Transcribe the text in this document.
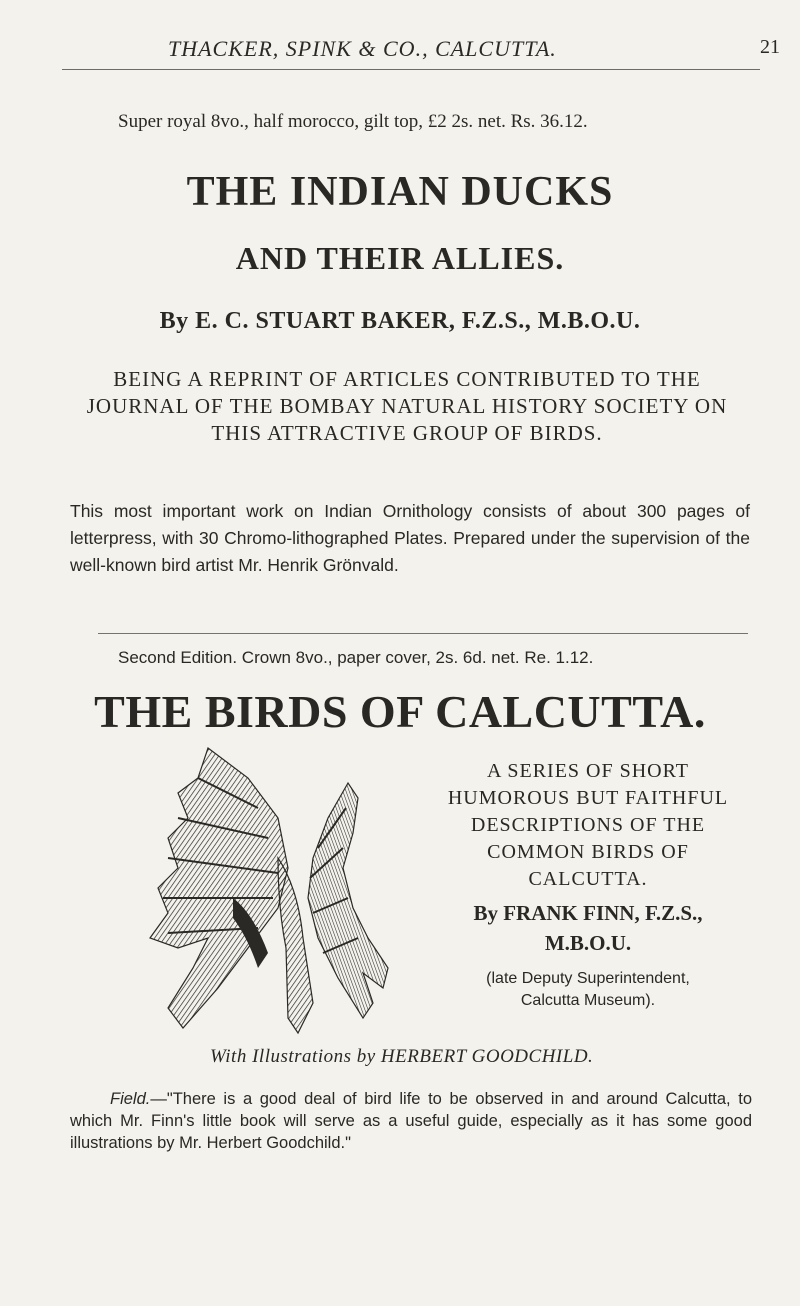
THACKER, SPINK & CO., CALCUTTA.	21
Super royal 8vo., half morocco, gilt top, £2 2s. net. Rs. 36.12.
THE INDIAN DUCKS
AND THEIR ALLIES.
By E. C. STUART BAKER, F.Z.S., M.B.O.U.
BEING A REPRINT OF ARTICLES CONTRIBUTED TO THE JOURNAL OF THE BOMBAY NATURAL HISTORY SOCIETY ON THIS ATTRACTIVE GROUP OF BIRDS.
This most important work on Indian Ornithology consists of about 300 pages of letterpress, with 30 Chromo-lithographed Plates. Prepared under the supervision of the well-known bird artist Mr. Henrik Grönvald.
Second Edition. Crown 8vo., paper cover, 2s. 6d. net. Re. 1.12.
THE BIRDS OF CALCUTTA.
A SERIES OF SHORT
HUMOROUS BUT FAITHFUL
DESCRIPTIONS OF THE
COMMON BIRDS OF
CALCUTTA.
By FRANK FINN, F.Z.S.,
M.B.O.U.
(late Deputy Superintendent,
Calcutta Museum).
With Illustrations by HERBERT GOODCHILD.
Field.—"There is a good deal of bird life to be observed in and around Calcutta, to which Mr. Finn's little book will serve as a useful guide, especially as it has some good illustrations by Mr. Herbert Goodchild."
